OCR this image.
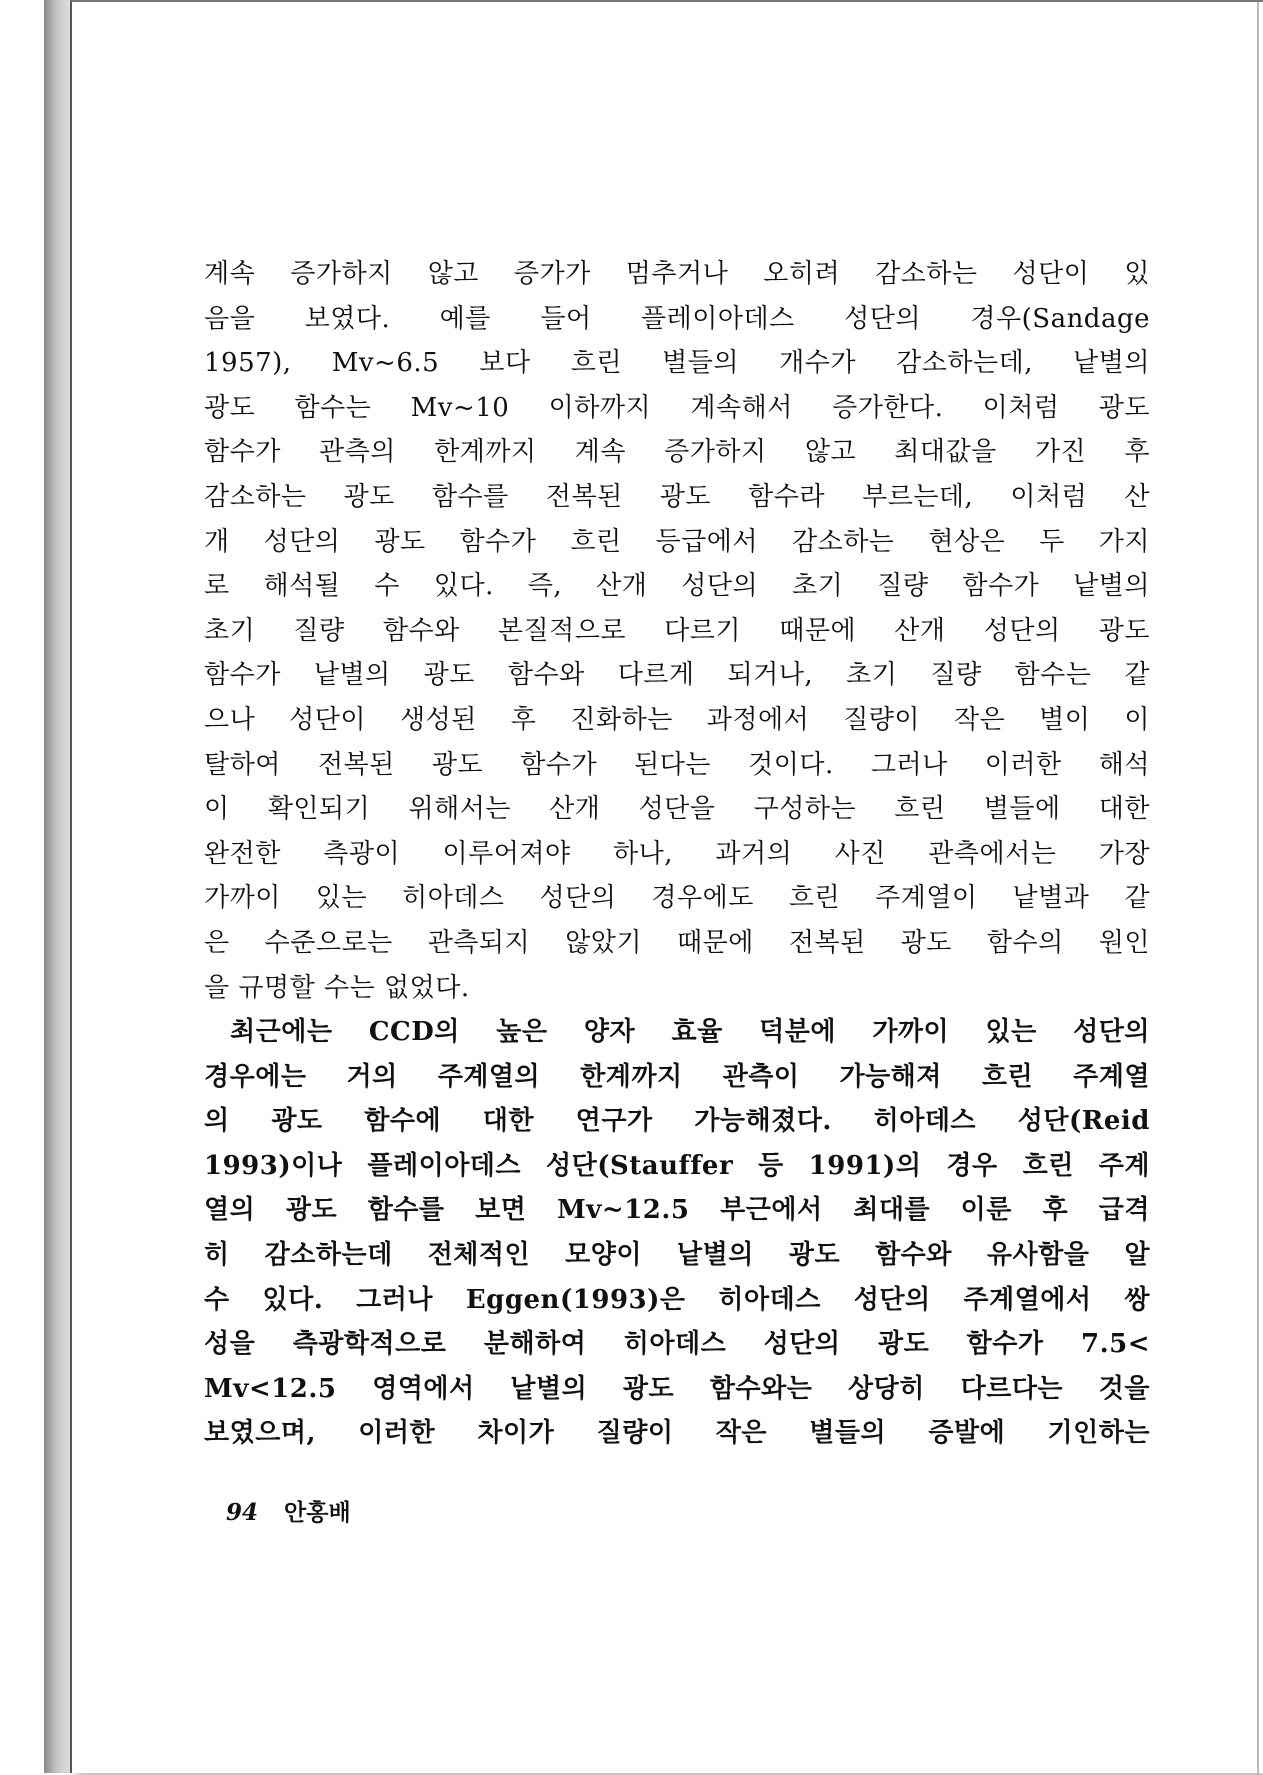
계속 증가하지 않고 증가가 멈추거나 오히려 감소하는 성단이 있
음을 보였다. 예를 들어 플레이아데스 성단의 경우(Sandage
1957), Mv~6.5 보다 흐린 별들의 개수가 감소하는데, 낱별의
광도 함수는 Mv~10 이하까지 계속해서 증가한다. 이처럼 광도
함수가 관측의 한계까지 계속 증가하지 않고 최대값을 가진 후
감소하는 광도 함수를 전복된 광도 함수라 부르는데, 이처럼 산
개 성단의 광도 함수가 흐린 등급에서 감소하는 현상은 두 가지
로 해석될 수 있다. 즉, 산개 성단의 초기 질량 함수가 낱별의
초기 질량 함수와 본질적으로 다르기 때문에 산개 성단의 광도
함수가 낱별의 광도 함수와 다르게 되거나, 초기 질량 함수는 같
으나 성단이 생성된 후 진화하는 과정에서 질량이 작은 별이 이
탈하여 전복된 광도 함수가 된다는 것이다. 그러나 이러한 해석
이 확인되기 위해서는 산개 성단을 구성하는 흐린 별들에 대한
완전한 측광이 이루어져야 하나, 과거의 사진 관측에서는 가장
가까이 있는 히아데스 성단의 경우에도 흐린 주계열이 낱별과 같
은 수준으로는 관측되지 않았기 때문에 전복된 광도 함수의 원인
을 규명할 수는 없었다.
최근에는 CCD의 높은 양자 효율 덕분에 가까이 있는 성단의
경우에는 거의 주계열의 한계까지 관측이 가능해져 흐린 주계열
의 광도 함수에 대한 연구가 가능해졌다. 히아데스 성단(Reid
1993)이나 플레이아데스 성단(Stauffer 등 1991)의 경우 흐린 주계
열의 광도 함수를 보면 Mv~12.5 부근에서 최대를 이룬 후 급격
히 감소하는데 전체적인 모양이 낱별의 광도 함수와 유사함을 알
수 있다. 그러나 Eggen(1993)은 히아데스 성단의 주계열에서 쌍
성을 측광학적으로 분해하여 히아데스 성단의 광도 함수가 7.5<
Mv<12.5 영역에서 낱별의 광도 함수와는 상당히 다르다는 것을
보였으며, 이러한 차이가 질량이 작은 별들의 증발에 기인하는
94 안홍배
